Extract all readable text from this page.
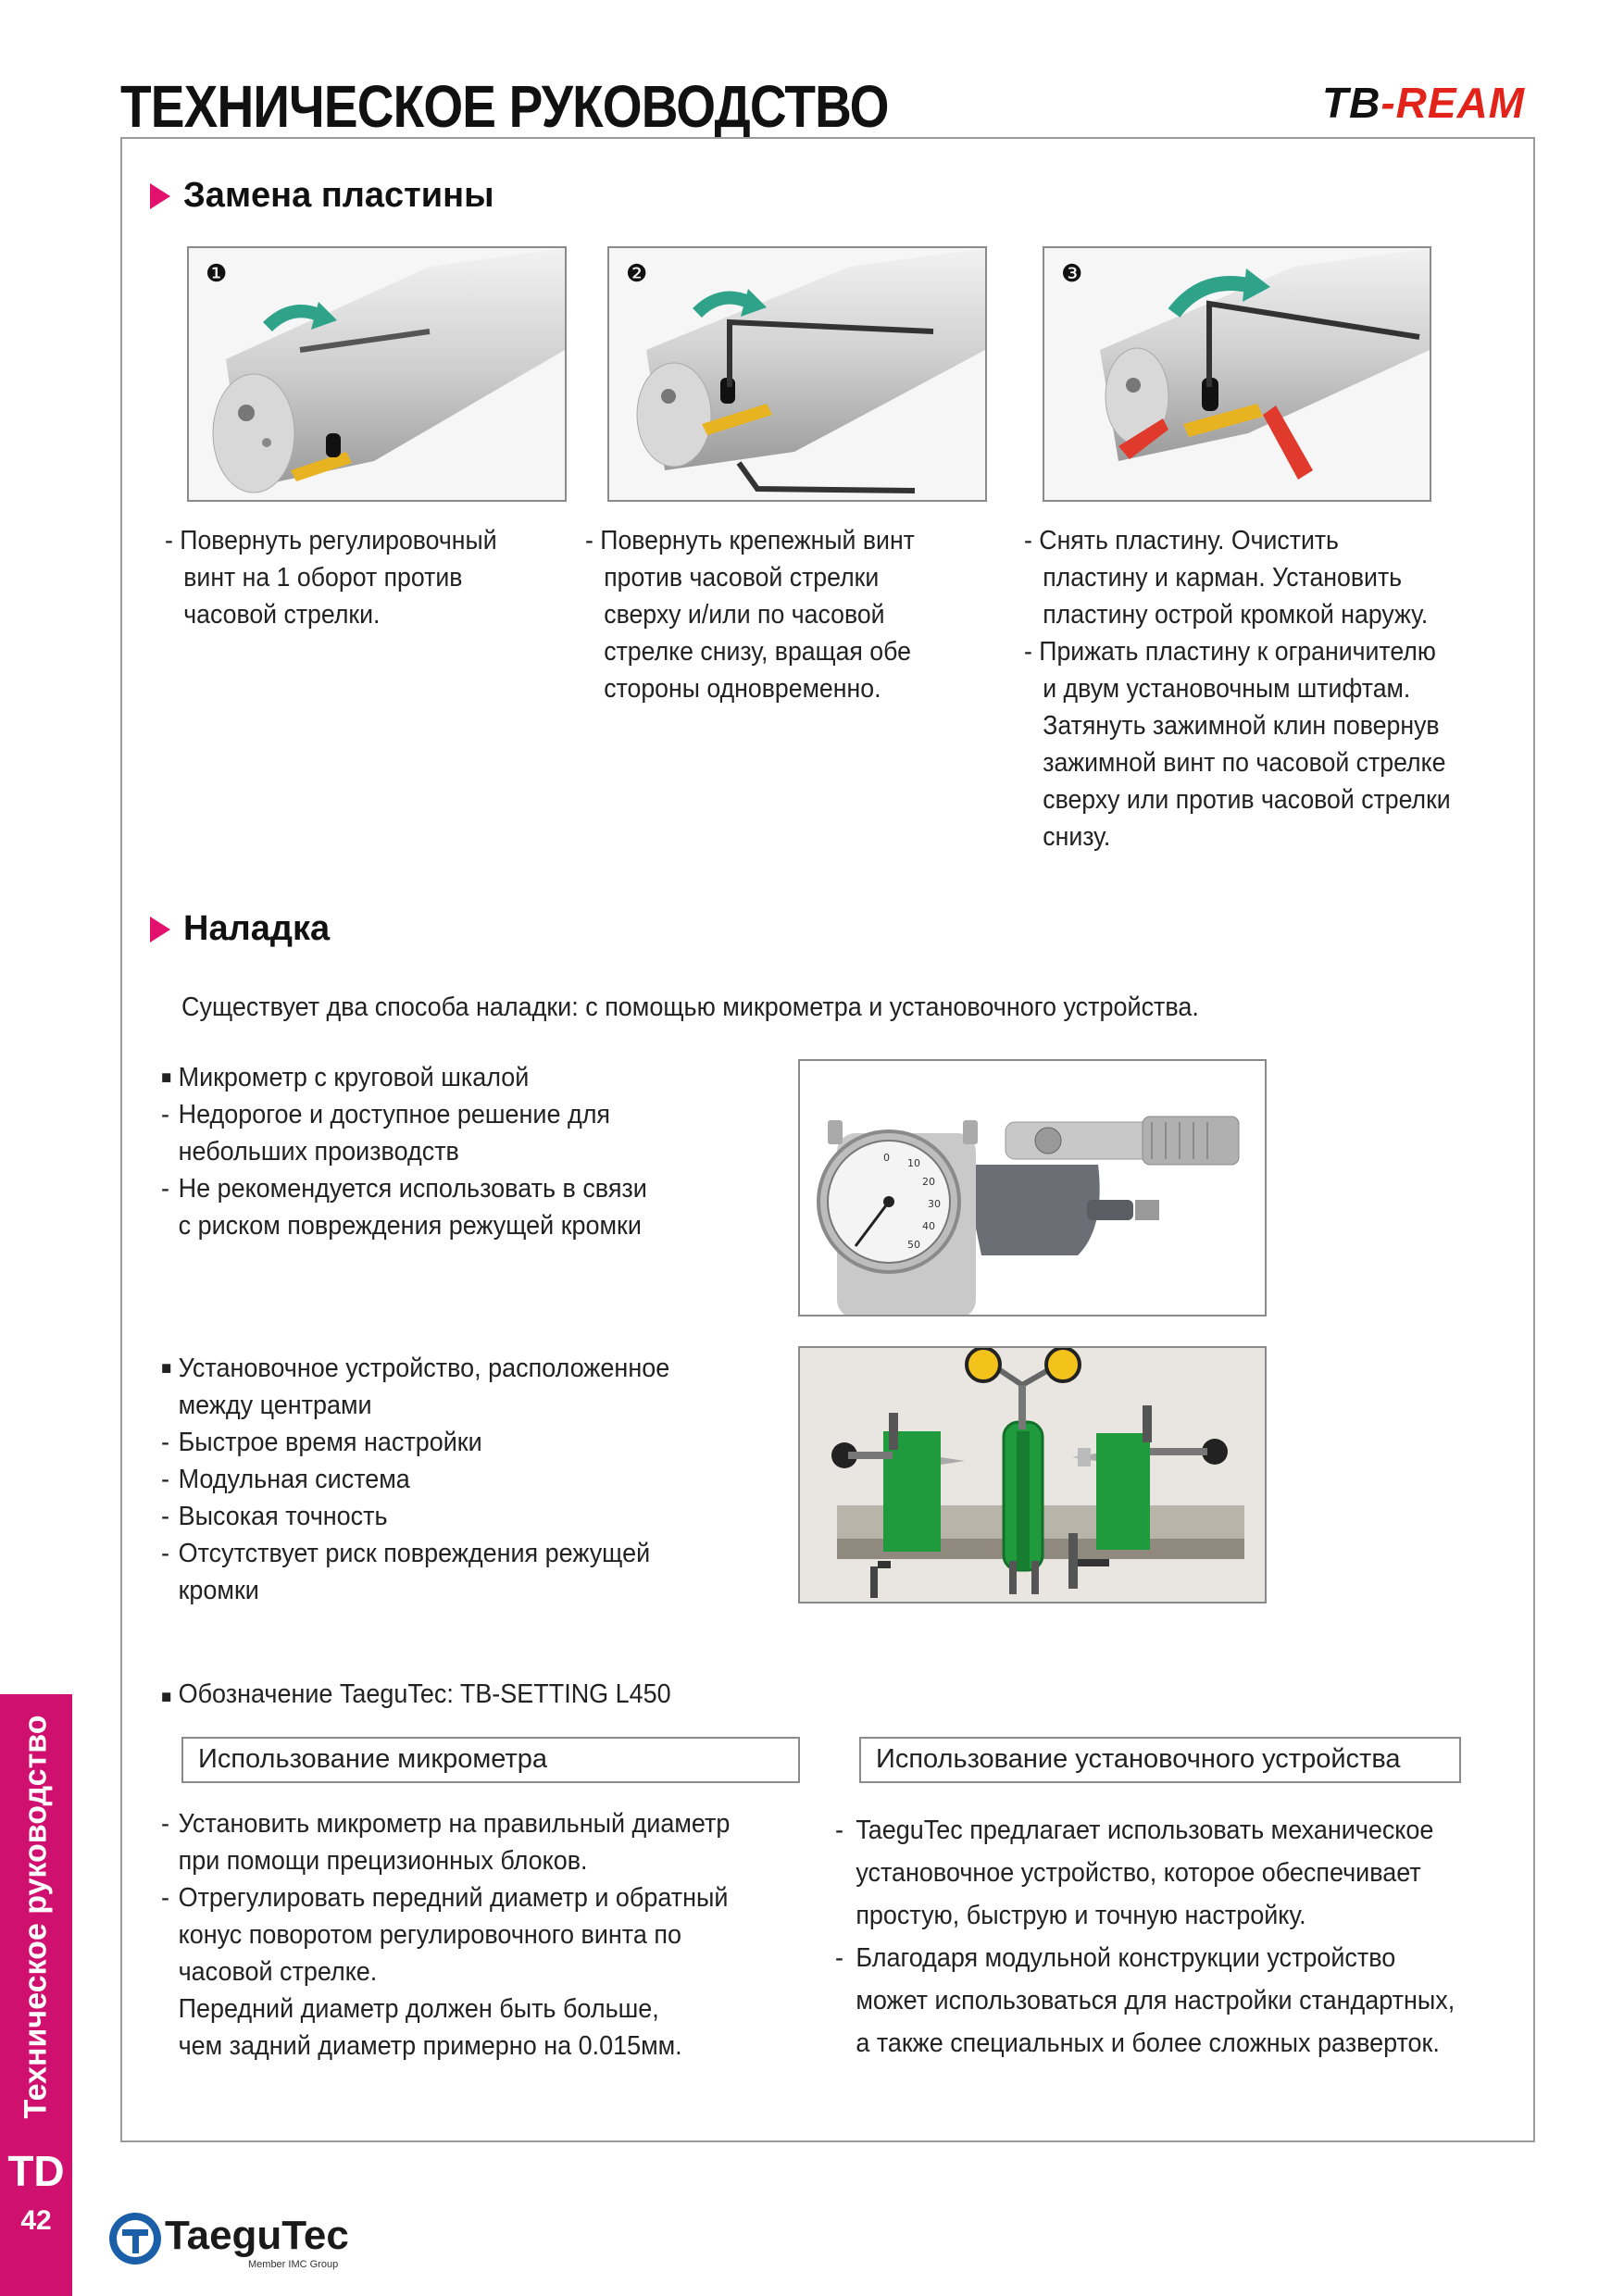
ТЕХНИЧЕСКОЕ РУКОВОДСТВО	TB-REAM
Замена пластины
❶	❷	❸
- Повернуть регулировочный
винт на 1 оборот против
часовой стрелки.
- Повернуть крепежный винт
против часовой стрелки
сверху и/или по часовой
стрелке снизу, вращая обе
стороны одновременно.
- Снять пластину. Очистить
пластину и карман. Установить
пластину острой кромкой наружу.
- Прижать пластину к ограничителю
и двум установочным штифтам.
Затянуть зажимной клин повернув
зажимной винт по часовой стрелке
сверху или против часовой стрелки
снизу.
Наладка
Существует два способа наладки: с помощью микрометра и установочного устройства.
■ Микрометр с круговой шкалой
- Недорогое и доступное решение для
небольших производств
- Не рекомендуется использовать в связи
с риском повреждения режущей кромки
0 10
20
30
40
50
■ Установочное устройство, расположенное
между центрами
- Быстрое время настройки
- Модульная система
- Высокая точность
- Отсутствует риск повреждения режущей
кромки
■ Обозначение TaeguTec: TB-SETTING L450
Использование микрометра	Использование установочного устройства
- Установить микрометр на правильный диаметр
при помощи прецизионных блоков.
- Отрегулировать передний диаметр и обратный
конус поворотом регулировочного винта по
часовой стрелке.
Передний диаметр должен быть больше,
чем задний диаметр примерно на 0.015мм.
- TaeguTec предлагает использовать механическое
установочное устройство, которое обеспечивает
простую, быструю и точную настройку.
- Благодаря модульной конструкции устройство
может использоваться для настройки стандартных,
а также специальных и более сложных разверток.
Техническое руководство
TD
42	TaeguTec
Member IMC Group
